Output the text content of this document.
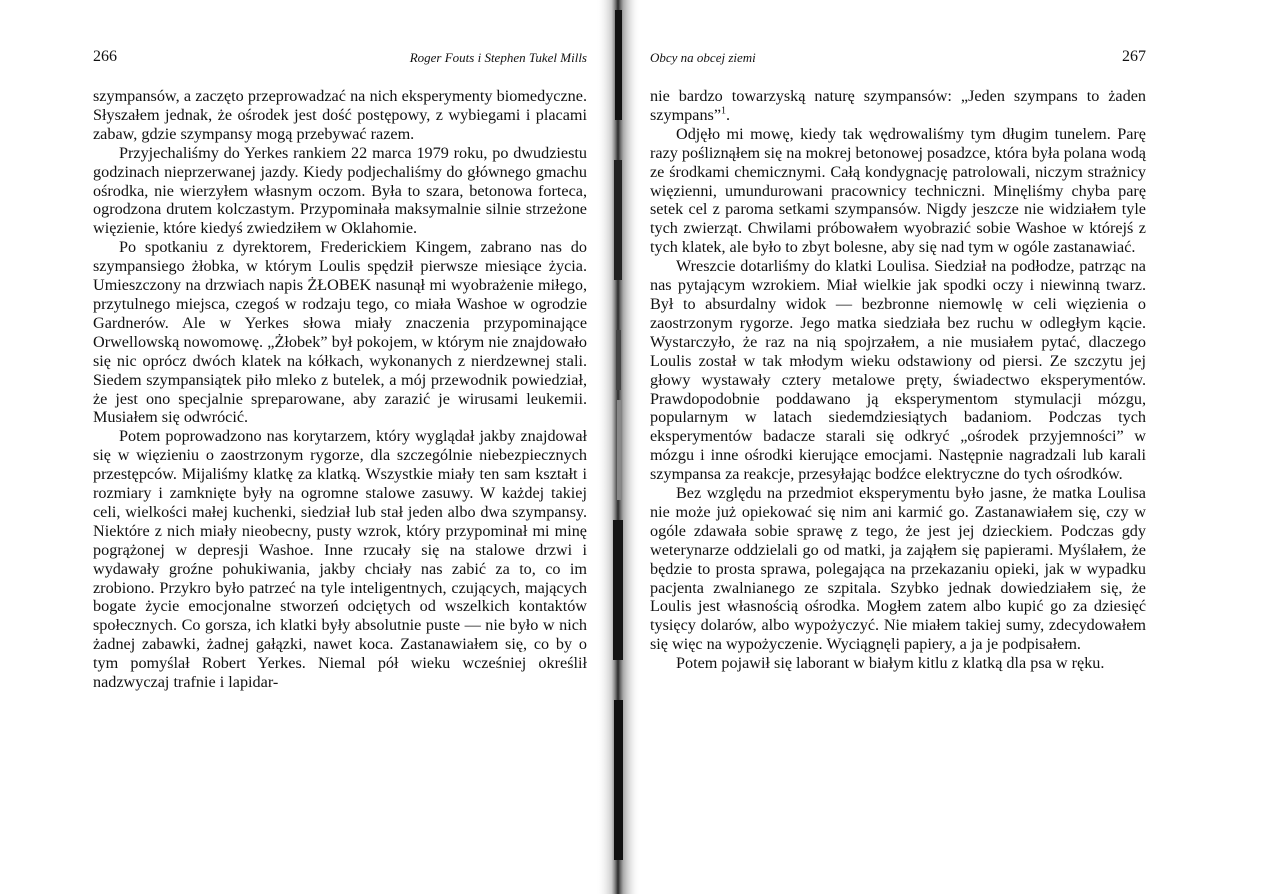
266	Roger Fouts i Stephen Tukel Mills

szympansów, a zaczęto przeprowadzać na nich eksperymenty biomedyczne. Słyszałem jednak, że ośrodek jest dość postępowy, z wybiegami i placami zabaw, gdzie szympansy mogą przebywać razem.

Przyjechaliśmy do Yerkes rankiem 22 marca 1979 roku, po dwudziestu godzinach nieprzerwanej jazdy. Kiedy podjechaliśmy do głównego gmachu ośrodka, nie wierzyłem własnym oczom. Była to szara, betonowa forteca, ogrodzona drutem kolczastym. Przypominała maksymalnie silnie strzeżone więzienie, które kiedyś zwiedziłem w Oklahomie.

Po spotkaniu z dyrektorem, Frederickiem Kingem, zabrano nas do szympansiego żłobka, w którym Loulis spędził pierwsze miesiące życia. Umieszczony na drzwiach napis ŻŁOBEK nasunął mi wyobrażenie miłego, przytulnego miejsca, czegoś w rodzaju tego, co miała Washoe w ogrodzie Gardnerów. Ale w Yerkes słowa miały znaczenia przypominające Orwellowską nowomowę. „Żłobek” był pokojem, w którym nie znajdowało się nic oprócz dwóch klatek na kółkach, wykonanych z nierdzewnej stali. Siedem szympansiątek piło mleko z butelek, a mój przewodnik powiedział, że jest ono specjalnie spreparowane, aby zarazić je wirusami leukemii. Musiałem się odwrócić.

Potem poprowadzono nas korytarzem, który wyglądał jakby znajdował się w więzieniu o zaostrzonym rygorze, dla szczególnie niebezpiecznych przestępców. Mijaliśmy klatkę za klatką. Wszystkie miały ten sam kształt i rozmiary i zamknięte były na ogromne stalowe zasuwy. W każdej takiej celi, wielkości małej kuchenki, siedział lub stał jeden albo dwa szympansy. Niektóre z nich miały nieobecny, pusty wzrok, który przypominał mi minę pogrążonej w depresji Washoe. Inne rzucały się na stalowe drzwi i wydawały groźne pohukiwania, jakby chciały nas zabić za to, co im zrobiono. Przykro było patrzeć na tyle inteligentnych, czujących, mających bogate życie emocjonalne stworzeń odciętych od wszelkich kontaktów społecznych. Co gorsza, ich klatki były absolutnie puste — nie było w nich żadnej zabawki, żadnej gałązki, nawet koca. Zastanawiałem się, co by o tym pomyślał Robert Yerkes. Niemal pół wieku wcześniej określił nadzwyczaj trafnie i lapidar-

Obcy na obcej ziemi	267

nie bardzo towarzyską naturę szympansów: „Jeden szympans to żaden szympans”$^1$.

Odjęło mi mowę, kiedy tak wędrowaliśmy tym długim tunelem. Parę razy pośliznąłem się na mokrej betonowej posadzce, która była polana wodą ze środkami chemicznymi. Całą kondygnację patrolowali, niczym strażnicy więzienni, umundurowani pracownicy techniczni. Minęliśmy chyba parę setek cel z paroma setkami szympansów. Nigdy jeszcze nie widziałem tyle tych zwierząt. Chwilami próbowałem wyobrazić sobie Washoe w którejś z tych klatek, ale było to zbyt bolesne, aby się nad tym w ogóle zastanawiać.

Wreszcie dotarliśmy do klatki Loulisa. Siedział na podłodze, patrząc na nas pytającym wzrokiem. Miał wielkie jak spodki oczy i niewinną twarz. Był to absurdalny widok — bezbronne niemowlę w celi więzienia o zaostrzonym rygorze. Jego matka siedziała bez ruchu w odległym kącie. Wystarczyło, że raz na nią spojrzałem, a nie musiałem pytać, dlaczego Loulis został w tak młodym wieku odstawiony od piersi. Ze szczytu jej głowy wystawały cztery metalowe pręty, świadectwo eksperymentów. Prawdopodobnie poddawano ją eksperymentom stymulacji mózgu, popularnym w latach siedemdziesiątych badaniom. Podczas tych eksperymentów badacze starali się odkryć „ośrodek przyjemności” w mózgu i inne ośrodki kierujące emocjami. Następnie nagradzali lub karali szympansa za reakcje, przesyłając bodźce elektryczne do tych ośrodków.

Bez względu na przedmiot eksperymentu było jasne, że matka Loulisa nie może już opiekować się nim ani karmić go. Zastanawiałem się, czy w ogóle zdawała sobie sprawę z tego, że jest jej dzieckiem. Podczas gdy weterynarze oddzielali go od matki, ja zająłem się papierami. Myślałem, że będzie to prosta sprawa, polegająca na przekazaniu opieki, jak w wypadku pacjenta zwalnianego ze szpitala. Szybko jednak dowiedziałem się, że Loulis jest własnością ośrodka. Mogłem zatem albo kupić go za dziesięć tysięcy dolarów, albo wypożyczyć. Nie miałem takiej sumy, zdecydowałem się więc na wypożyczenie. Wyciągnęli papiery, a ja je podpisałem.

Potem pojawił się laborant w białym kitlu z klatką dla psa w ręku.
